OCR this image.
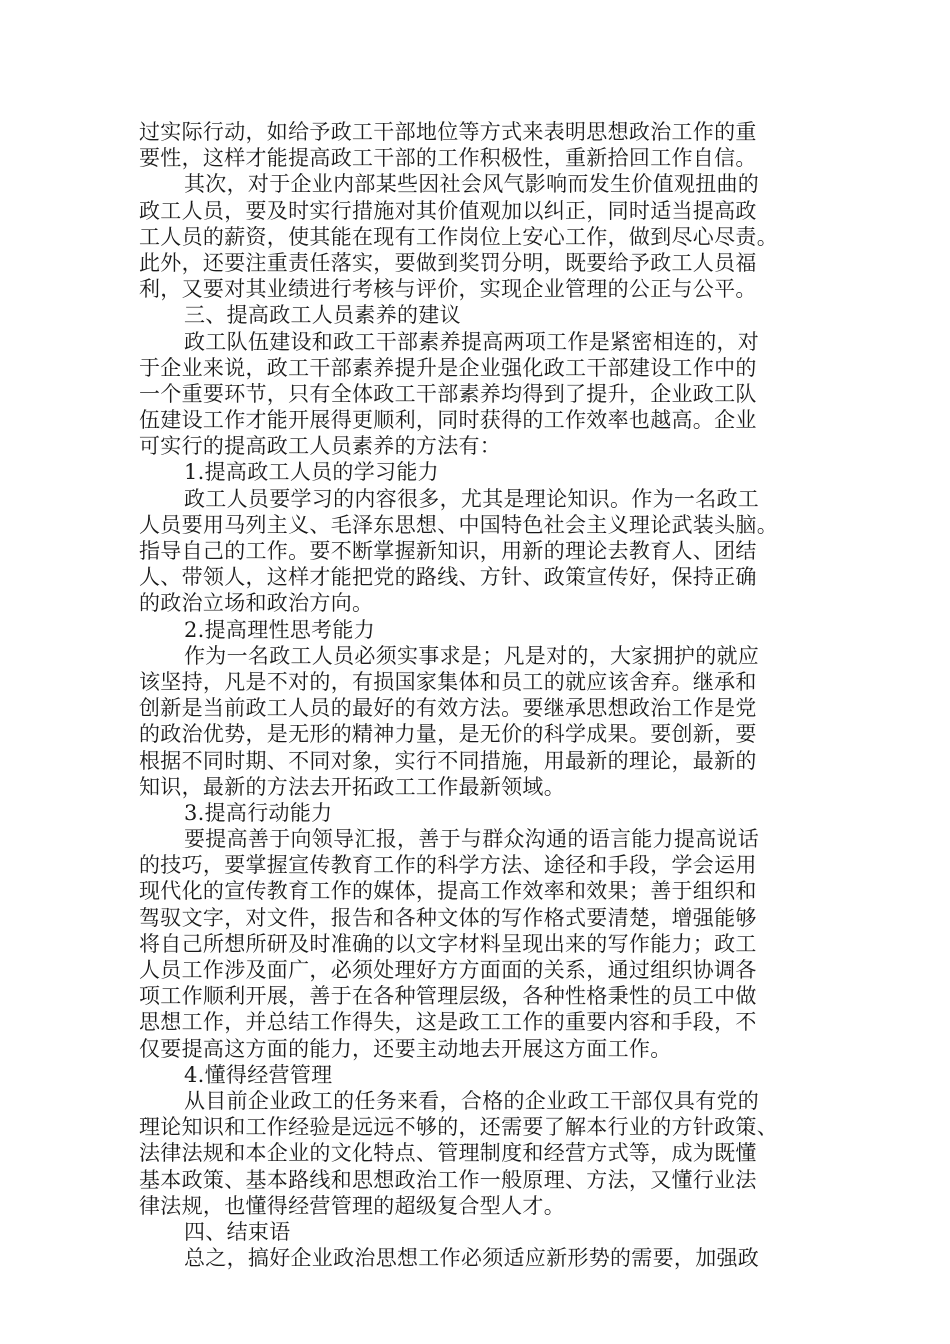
过实际行动，如给予政工干部地位等方式来表明思想政治工作的重
要性，这样才能提高政工干部的工作积极性，重新拾回工作自信。
其次，对于企业内部某些因社会风气影响而发生价值观扭曲的
政工人员，要及时实行措施对其价值观加以纠正，同时适当提高政
工人员的薪资，使其能在现有工作岗位上安心工作，做到尽心尽责。
此外，还要注重责任落实，要做到奖罚分明，既要给予政工人员福
利，又要对其业绩进行考核与评价，实现企业管理的公正与公平。
三、提高政工人员素养的建议
政工队伍建设和政工干部素养提高两项工作是紧密相连的，对
于企业来说，政工干部素养提升是企业强化政工干部建设工作中的
一个重要环节，只有全体政工干部素养均得到了提升，企业政工队
伍建设工作才能开展得更顺利，同时获得的工作效率也越高。企业
可实行的提高政工人员素养的方法有：
1.提高政工人员的学习能力
政工人员要学习的内容很多，尤其是理论知识。作为一名政工
人员要用马列主义、毛泽东思想、中国特色社会主义理论武装头脑。
指导自己的工作。要不断掌握新知识，用新的理论去教育人、团结
人、带领人，这样才能把党的路线、方针、政策宣传好，保持正确
的政治立场和政治方向。
2.提高理性思考能力
作为一名政工人员必须实事求是；凡是对的，大家拥护的就应
该坚持，凡是不对的，有损国家集体和员工的就应该舍弃。继承和
创新是当前政工人员的最好的有效方法。要继承思想政治工作是党
的政治优势，是无形的精神力量，是无价的科学成果。要创新，要
根据不同时期、不同对象，实行不同措施，用最新的理论，最新的
知识，最新的方法去开拓政工工作最新领域。
3.提高行动能力
要提高善于向领导汇报，善于与群众沟通的语言能力提高说话
的技巧，要掌握宣传教育工作的科学方法、途径和手段，学会运用
现代化的宣传教育工作的媒体，提高工作效率和效果；善于组织和
驾驭文字，对文件，报告和各种文体的写作格式要清楚，增强能够
将自己所想所研及时准确的以文字材料呈现出来的写作能力；政工
人员工作涉及面广，必须处理好方方面面的关系，通过组织协调各
项工作顺利开展，善于在各种管理层级，各种性格秉性的员工中做
思想工作，并总结工作得失，这是政工工作的重要内容和手段，不
仅要提高这方面的能力，还要主动地去开展这方面工作。
4.懂得经营管理
从目前企业政工的任务来看，合格的企业政工干部仅具有党的
理论知识和工作经验是远远不够的，还需要了解本行业的方针政策、
法律法规和本企业的文化特点、管理制度和经营方式等，成为既懂
基本政策、基本路线和思想政治工作一般原理、方法，又懂行业法
律法规，也懂得经营管理的超级复合型人才。
四、结束语
总之，搞好企业政治思想工作必须适应新形势的需要，加强政
